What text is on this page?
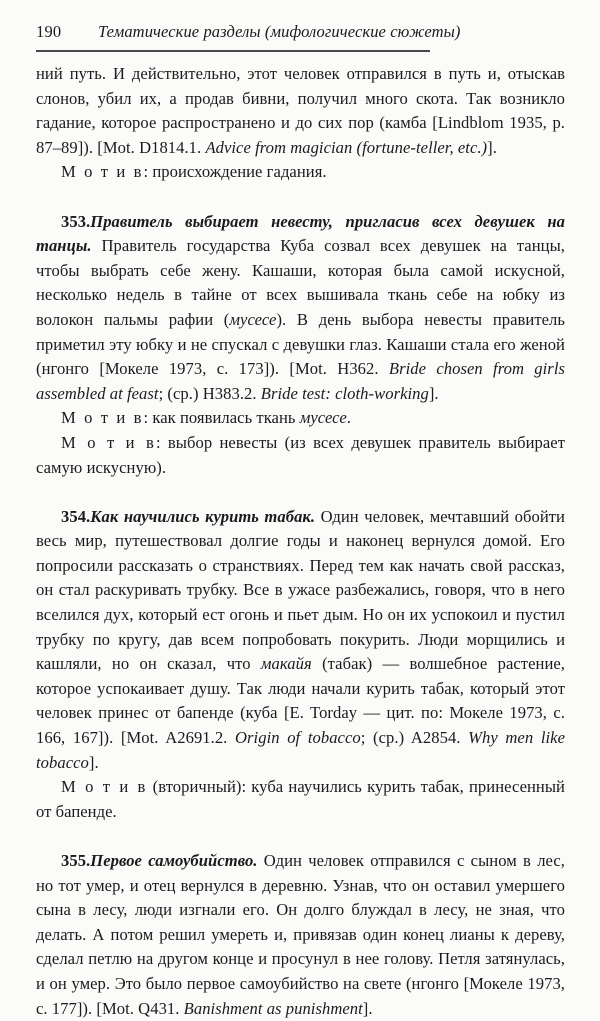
190	Тематические разделы (мифологические сюжеты)

ний путь. И действительно, этот человек отправился в путь и, отыскав слонов, убил их, а продав бивни, получил много скота. Так возникло гадание, которое распространено и до сих пор (камба [Lindblom 1935, p. 87–89]). [Mot. D1814.1. Advice from magician (fortune-teller, etc.)].

М о т и в: происхождение гадания.

353.Правитель выбирает невесту, пригласив всех девушек на танцы. Правитель государства Куба созвал всех девушек на танцы, чтобы выбрать себе жену. Кашаши, которая была самой искусной, несколько недель в тайне от всех вышивала ткань себе на юбку из волокон пальмы рафии (мусесе). В день выбора невесты правитель приметил эту юбку и не спускал с девушки глаз. Кашаши стала его женой (нгонго [Мокеле 1973, с. 173]). [Mot. H362. Bride chosen from girls assembled at feast; (ср.) H383.2. Bride test: cloth-working].

М о т и в: как появилась ткань мусесе.

М о т и в: выбор невесты (из всех девушек правитель выбирает самую искусную).

354.Как научились курить табак. Один человек, мечтавший обойти весь мир, путешествовал долгие годы и наконец вернулся домой. Его попросили рассказать о странствиях. Перед тем как начать свой рассказ, он стал раскуривать трубку. Все в ужасе разбежались, говоря, что в него вселился дух, который ест огонь и пьет дым. Но он их успокоил и пустил трубку по кругу, дав всем попробовать покурить. Люди морщились и кашляли, но он сказал, что макайя (табак) — волшебное растение, которое успокаивает душу. Так люди начали курить табак, который этот человек принес от бапенде (куба [E. Torday — цит. по: Мокеле 1973, с. 166, 167]). [Mot. A2691.2. Origin of tobacco; (ср.) A2854. Why men like tobacco].

М о т и в (вторичный): куба научились курить табак, принесенный от бапенде.

355.Первое самоубийство. Один человек отправился с сыном в лес, но тот умер, и отец вернулся в деревню. Узнав, что он оставил умершего сына в лесу, люди изгнали его. Он долго блуждал в лесу, не зная, что делать. А потом решил умереть и, привязав один конец лианы к дереву, сделал петлю на другом конце и просунул в нее голову. Петля затянулась, и он умер. Это было первое самоубийство на свете (нгонго [Мокеле 1973, с. 177]). [Mot. Q431. Banishment as punishment].
